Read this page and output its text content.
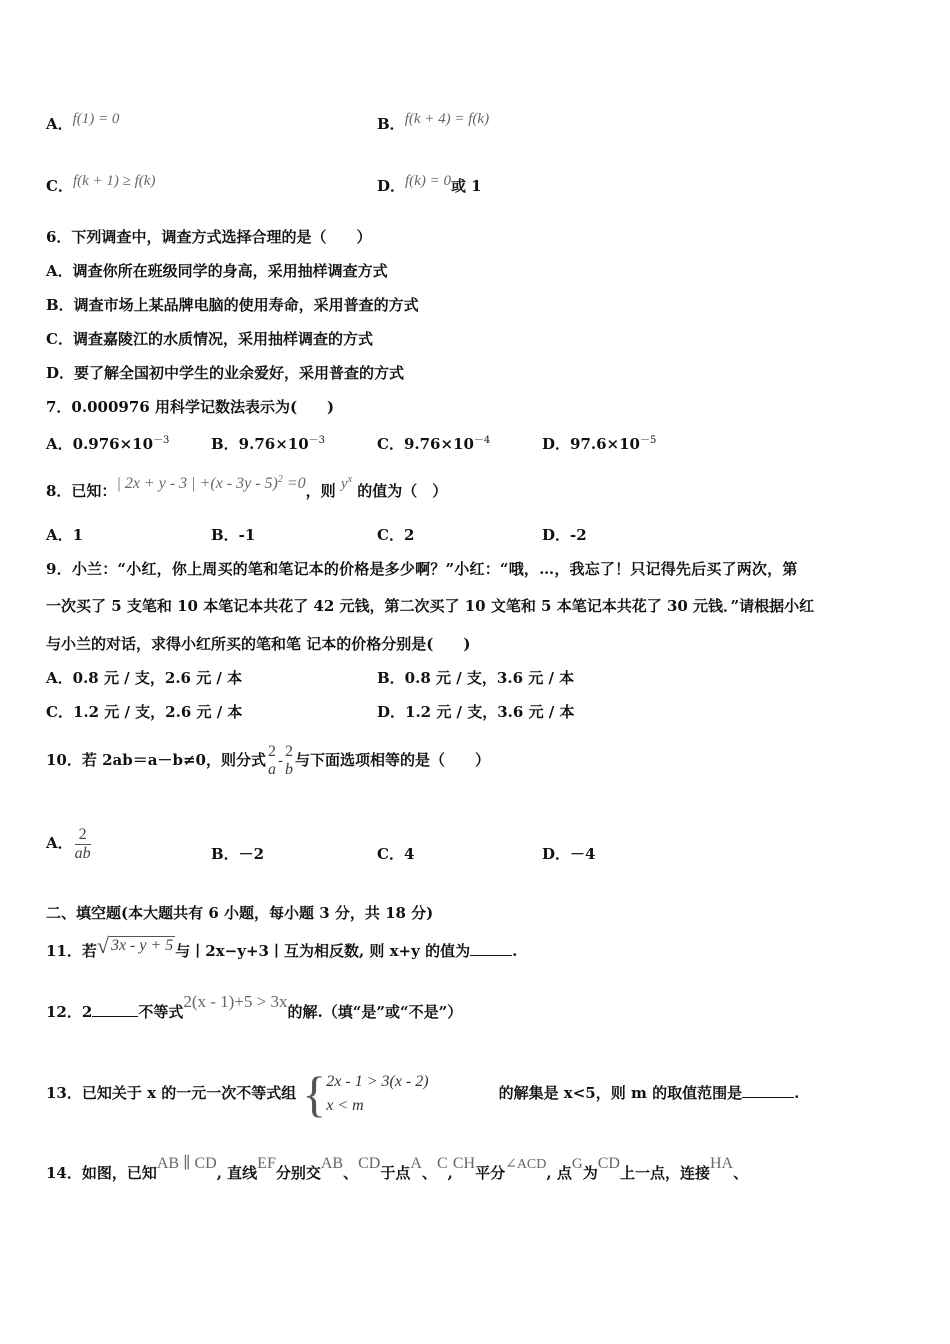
A．f(1) = 0	B．f(k + 4) = f(k)
C．f(k + 1) ≥ f(k)	D．f(k) = 0或 1
6．下列调查中，调查方式选择合理的是（　　）
A．调查你所在班级同学的身高，采用抽样调查方式
B．调查市场上某品牌电脑的使用寿命，采用普查的方式
C．调查嘉陵江的水质情况，采用抽样调查的方式
D．要了解全国初中学生的业余爱好，采用普查的方式
7．0.000976 用科学记数法表示为(　　)
A．$0.976\times 10^{-3}$	B．$9.76\times 10^{-3}$	C．$9.76\times 10^{-4}$	D．$97.6\times 10^{-5}$
8．已知：| 2x + y - 3 | +(x - 3y - 5)$^2$ =0，则 $y^x$ 的值为（　）
A．1	B．-1	C．2	D．-2
9．小兰：“小红，你上周买的笔和笔记本的价格是多少啊？”小红：“哦，…，我忘了！只记得先后买了两次，第
一次买了 5 支笔和 10 本笔记本共花了 42 元钱，第二次买了 10 文笔和 5 本笔记本共花了 30 元钱．”请根据小红
与小兰的对话，求得小红所买的笔和笔 记本的价格分别是(　　)
A．0.8 元 / 支，2.6 元 / 本	B．0.8 元 / 支，3.6 元 / 本
C．1.2 元 / 支，2.6 元 / 本	D．1.2 元 / 支，3.6 元 / 本
10．若 2ab＝a－b≠0，则分式 2
a -
2
b
与下面选项相等的是（　　）
A． $\frac{2}{ab}$	B．－2	C．4	D．－4
二、填空题(本大题共有 6 小题，每小题 3 分，共 18 分)
11．若√ 3x - y + 5 与丨2x−y+3丨互为相反数, 则 x+y 的值为	.
12．2	不等式2(x - 1)+5 > 3x的解.（填“是”或“不是”）
13．已知关于 x 的一元一次不等式组 { 2x - 1 > 3(x - 2)
x < m
的解集是 x<5，则 m 的取值范围是	.
14．如图，已知AB ∥ CD, 直线EF分别交AB、CD于点A、C,CH平分∠ACD, 点G为CD上一点，连接HA、
